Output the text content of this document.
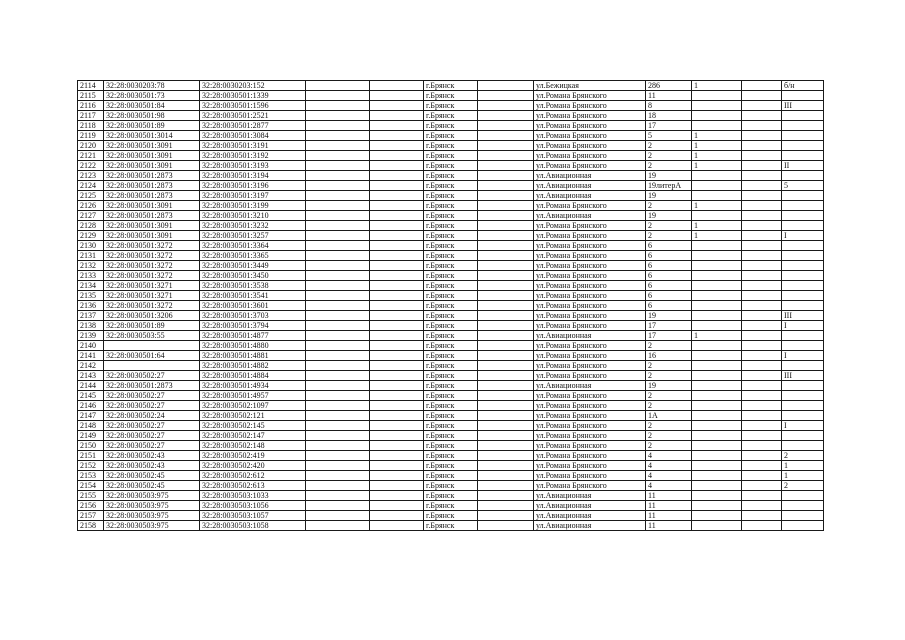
2114	32:28:0030203:78	32:28:0030203:152			г.Брянск		ул.Бежицкая	286	1		б/н
2115	32:28:0030501:73	32:28:0030501:1339			г.Брянск		ул.Романа Брянского	11			
2116	32:28:0030501:84	32:28:0030501:1596			г.Брянск		ул.Романа Брянского	8			III
2117	32:28:0030501:98	32:28:0030501:2521			г.Брянск		ул.Романа Брянского	18			
2118	32:28:0030501:89	32:28:0030501:2877			г.Брянск		ул.Романа Брянского	17			
2119	32:28:0030501:3014	32:28:0030501:3084			г.Брянск		ул.Романа Брянского	5	1		
2120	32:28:0030501:3091	32:28:0030501:3191			г.Брянск		ул.Романа Брянского	2	1		
2121	32:28:0030501:3091	32:28:0030501:3192			г.Брянск		ул.Романа Брянского	2	1		
2122	32:28:0030501:3091	32:28:0030501:3193			г.Брянск		ул.Романа Брянского	2	1		II
2123	32:28:0030501:2873	32:28:0030501:3194			г.Брянск		ул.Авиационная	19			
2124	32:28:0030501:2873	32:28:0030501:3196			г.Брянск		ул.Авиационная	19литерА			5
2125	32:28:0030501:2873	32:28:0030501:3197			г.Брянск		ул.Авиационная	19			
2126	32:28:0030501:3091	32:28:0030501:3199			г.Брянск		ул.Романа Брянского	2	1		
2127	32:28:0030501:2873	32:28:0030501:3210			г.Брянск		ул.Авиационная	19			
2128	32:28:0030501:3091	32:28:0030501:3232			г.Брянск		ул.Романа Брянского	2	1		
2129	32:28:0030501:3091	32:28:0030501:3257			г.Брянск		ул.Романа Брянского	2	1		I
2130	32:28:0030501:3272	32:28:0030501:3364			г.Брянск		ул.Романа Брянского	6			
2131	32:28:0030501:3272	32:28:0030501:3365			г.Брянск		ул.Романа Брянского	6			
2132	32:28:0030501:3272	32:28:0030501:3449			г.Брянск		ул.Романа Брянского	6			
2133	32:28:0030501:3272	32:28:0030501:3450			г.Брянск		ул.Романа Брянского	6			
2134	32:28:0030501:3271	32:28:0030501:3538			г.Брянск		ул.Романа Брянского	6			
2135	32:28:0030501:3271	32:28:0030501:3541			г.Брянск		ул.Романа Брянского	6			
2136	32:28:0030501:3272	32:28:0030501:3601			г.Брянск		ул.Романа Брянского	6			
2137	32:28:0030501:3206	32:28:0030501:3703			г.Брянск		ул.Романа Брянского	19			III
2138	32:28:0030501:89	32:28:0030501:3794			г.Брянск		ул.Романа Брянского	17			I
2139	32:28:0030503:55	32:28:0030501:4877			г.Брянск		ул.Авиационная	17	1		
2140		32:28:0030501:4880			г.Брянск		ул.Романа Брянского	2			
2141	32:28:0030501:64	32:28:0030501:4881			г.Брянск		ул.Романа Брянского	16			I
2142		32:28:0030501:4882			г.Брянск		ул.Романа Брянского	2			
2143	32:28:0030502:27	32:28:0030501:4884			г.Брянск		ул.Романа Брянского	2			III
2144	32:28:0030501:2873	32:28:0030501:4934			г.Брянск		ул.Авиационная	19			
2145	32:28:0030502:27	32:28:0030501:4957			г.Брянск		ул.Романа Брянского	2			
2146	32:28:0030502:27	32:28:0030502:1097			г.Брянск		ул.Романа Брянского	2			
2147	32:28:0030502:24	32:28:0030502:121			г.Брянск		ул.Романа Брянского	1А			
2148	32:28:0030502:27	32:28:0030502:145			г.Брянск		ул.Романа Брянского	2			I
2149	32:28:0030502:27	32:28:0030502:147			г.Брянск		ул.Романа Брянского	2			
2150	32:28:0030502:27	32:28:0030502:148			г.Брянск		ул.Романа Брянского	2			
2151	32:28:0030502:43	32:28:0030502:419			г.Брянск		ул.Романа Брянского	4			2
2152	32:28:0030502:43	32:28:0030502:420			г.Брянск		ул.Романа Брянского	4			1
2153	32:28:0030502:45	32:28:0030502:612			г.Брянск		ул.Романа Брянского	4			1
2154	32:28:0030502:45	32:28:0030502:613			г.Брянск		ул.Романа Брянского	4			2
2155	32:28:0030503:975	32:28:0030503:1033			г.Брянск		ул.Авиационная	11			
2156	32:28:0030503:975	32:28:0030503:1056			г.Брянск		ул.Авиационная	11			
2157	32:28:0030503:975	32:28:0030503:1057			г.Брянск		ул.Авиационная	11			
2158	32:28:0030503:975	32:28:0030503:1058			г.Брянск		ул.Авиационная	11			
